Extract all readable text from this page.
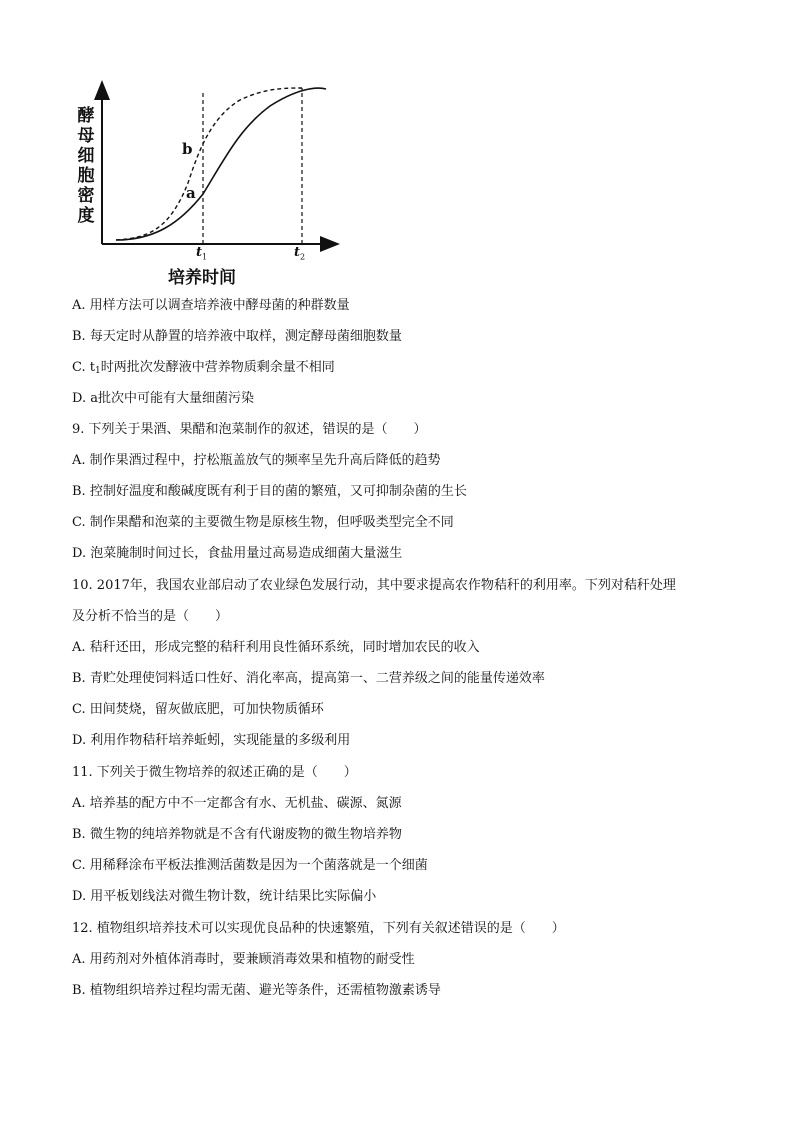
酵
母
细
胞
密
度
b
a
$t_1$	$t_2$
培养时间
A. 用样方法可以调查培养液中酵母菌的种群数量
B. 每天定时从静置的培养液中取样，测定酵母菌细胞数量
C. t1时两批次发酵液中营养物质剩余量不相同
D. a批次中可能有大量细菌污染
9. 下列关于果酒、果醋和泡菜制作的叙述，错误的是（　　）
A. 制作果酒过程中，拧松瓶盖放气的频率呈先升高后降低的趋势
B. 控制好温度和酸碱度既有利于目的菌的繁殖，又可抑制杂菌的生长
C. 制作果醋和泡菜的主要微生物是原核生物，但呼吸类型完全不同
D. 泡菜腌制时间过长，食盐用量过高易造成细菌大量滋生
10. 2017年，我国农业部启动了农业绿色发展行动，其中要求提高农作物秸秆的利用率。下列对秸秆处理
及分析不恰当的是（　　）
A. 秸秆还田，形成完整的秸秆利用良性循环系统，同时增加农民的收入
B. 青贮处理使饲料适口性好、消化率高，提高第一、二营养级之间的能量传递效率
C. 田间焚烧，留灰做底肥，可加快物质循环
D. 利用作物秸秆培养蚯蚓，实现能量的多级利用
11. 下列关于微生物培养的叙述正确的是（　　）
A. 培养基的配方中不一定都含有水、无机盐、碳源、氮源
B. 微生物的纯培养物就是不含有代谢废物的微生物培养物
C. 用稀释涂布平板法推测活菌数是因为一个菌落就是一个细菌
D. 用平板划线法对微生物计数，统计结果比实际偏小
12. 植物组织培养技术可以实现优良品种的快速繁殖，下列有关叙述错误的是（　　）
A. 用药剂对外植体消毒时，要兼顾消毒效果和植物的耐受性
B. 植物组织培养过程均需无菌、避光等条件，还需植物激素诱导
